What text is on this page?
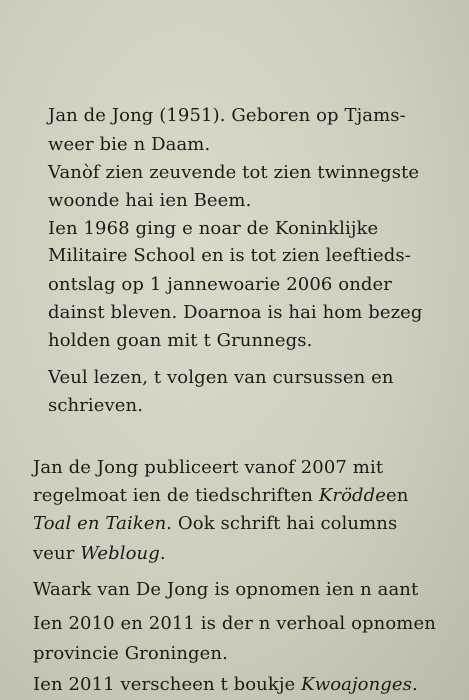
Jan de Jong (1951). Geboren op Tjams-
weer bie n Daam.
Vanòf zien zeuvende tot zien twinnegste
woonde hai ien Beem.
Ien 1968 ging e noar de Koninklijke
Militaire School en is tot zien leeftieds-
ontslag op 1 jannewoarie 2006 onder
dainst bleven. Doarnoa is hai hom bezeg
holden goan mit t Grunnegs.
Veul lezen, t volgen van cursussen en
schrieven.
Jan de Jong publiceert vanof 2007 mit
regelmoat ien de tiedschriften Kröddeen
Toal en Taiken. Ook schrift hai columns
veur Webloug.
Waark van De Jong is opnomen ien n aant
Ien 2010 en 2011 is der n verhoal opnomen
provincie Groningen.
Ien 2011 verscheen t boukje Kwoajonges.
